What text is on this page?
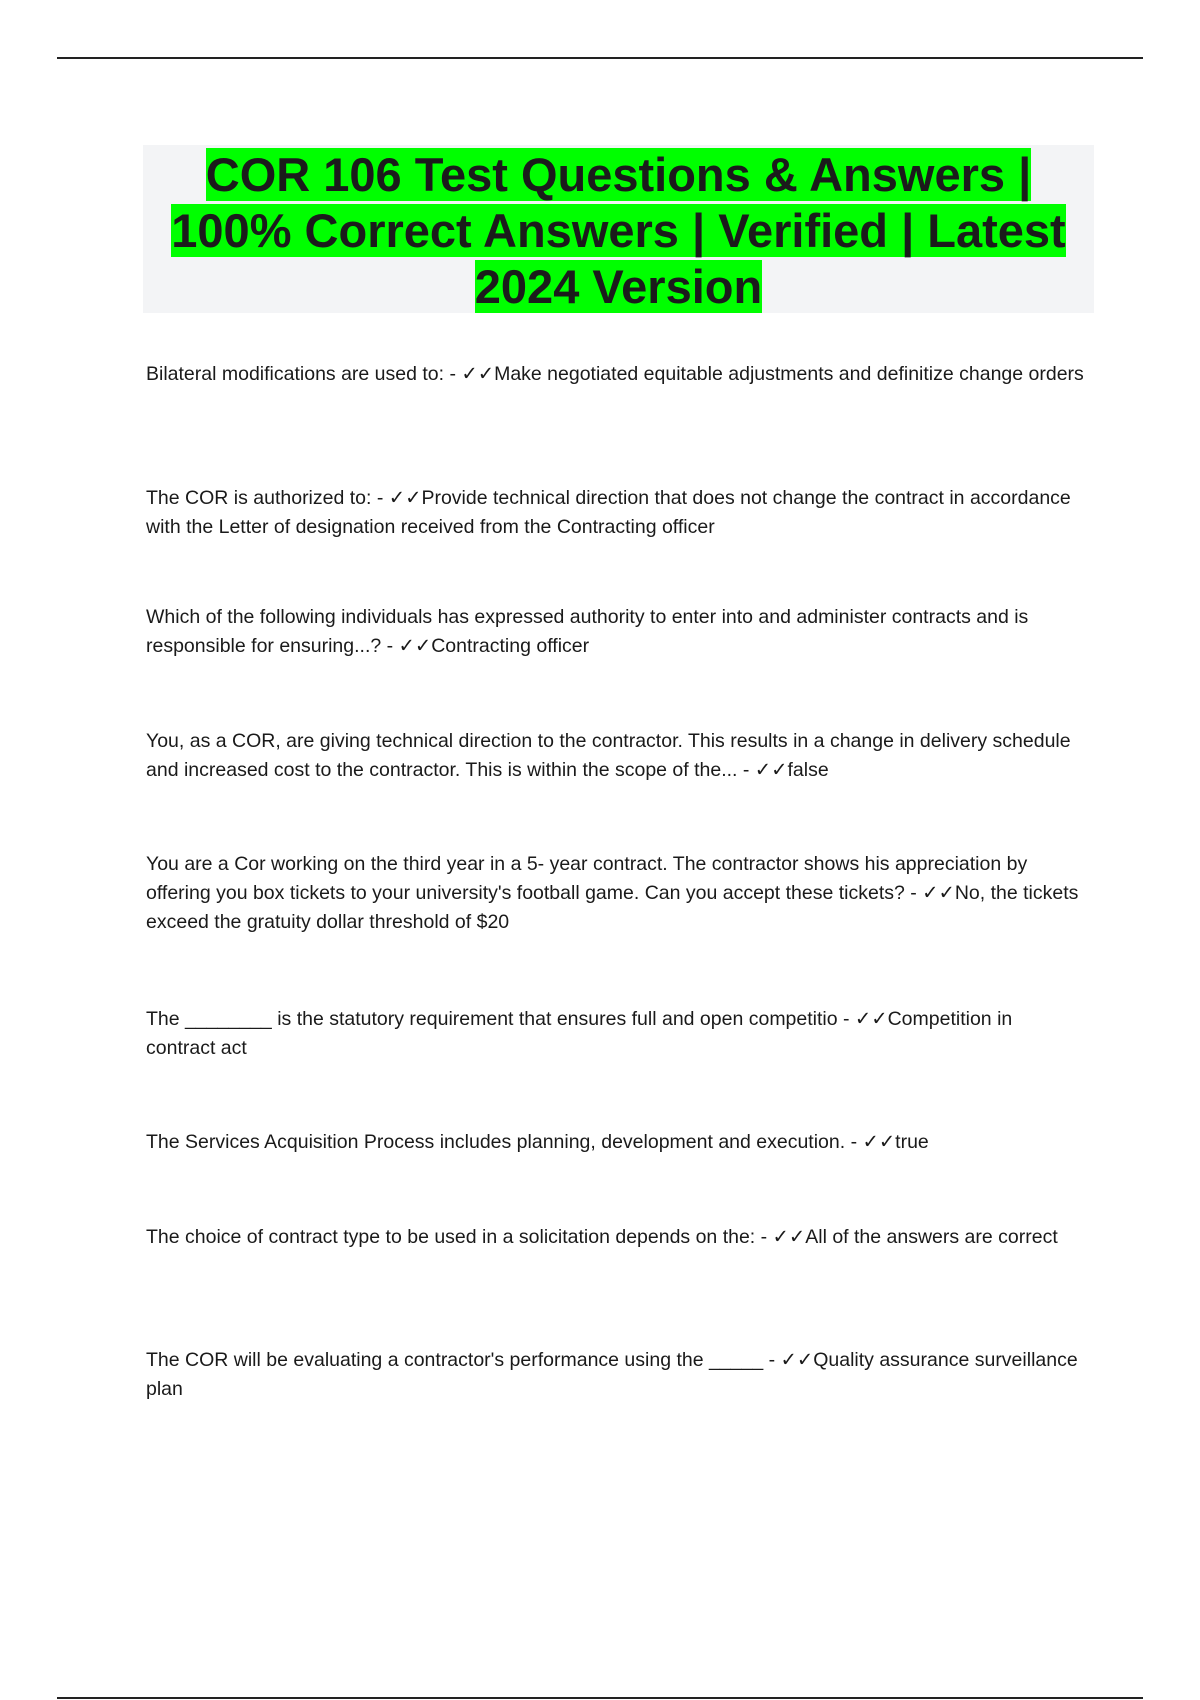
COR 106 Test Questions & Answers | 100% Correct Answers | Verified | Latest 2024 Version

Bilateral modifications are used to: - ✓✓Make negotiated equitable adjustments and definitize change orders

The COR is authorized to: - ✓✓Provide technical direction that does not change the contract in accordance with the Letter of designation received from the Contracting officer

Which of the following individuals has expressed authority to enter into and administer contracts and is responsible for ensuring...? - ✓✓Contracting officer

You, as a COR, are giving technical direction to the contractor. This results in a change in delivery schedule and increased cost to the contractor. This is within the scope of the... - ✓✓false

You are a Cor working on the third year in a 5- year contract. The contractor shows his appreciation by offering you box tickets to your university's football game. Can you accept these tickets? - ✓✓No, the tickets exceed the gratuity dollar threshold of $20

The ________ is the statutory requirement that ensures full and open competitio - ✓✓Competition in contract act

The Services Acquisition Process includes planning, development and execution. - ✓✓true

The choice of contract type to be used in a solicitation depends on the: - ✓✓All of the answers are correct

The COR will be evaluating a contractor's performance using the _____ - ✓✓Quality assurance surveillance plan
